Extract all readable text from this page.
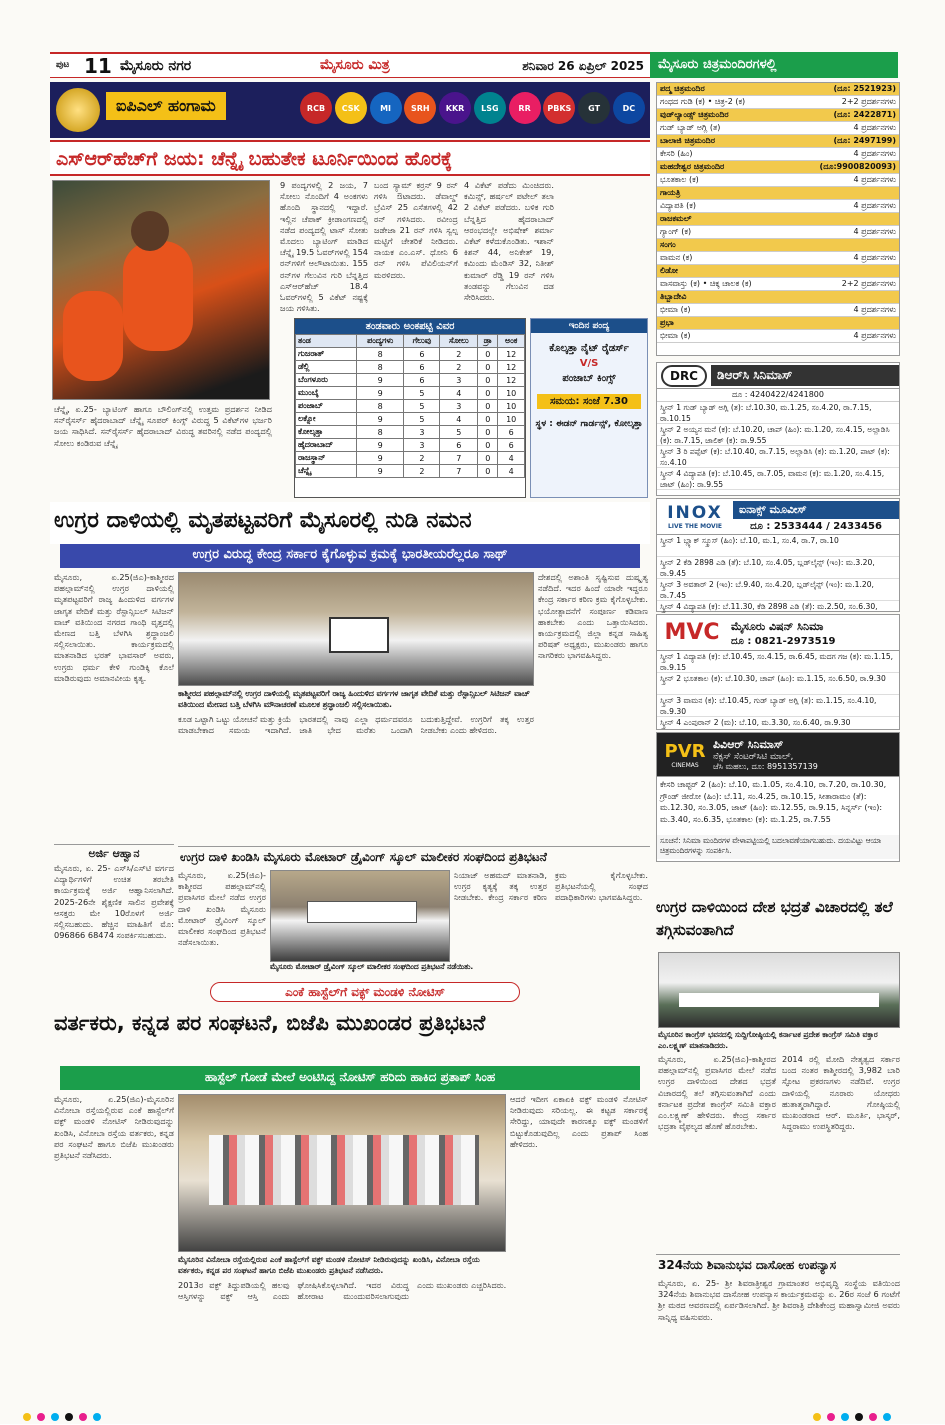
ಪುಟ 11 ಮೈಸೂರು ನಗರ	ಮೈಸೂರು ಮಿತ್ರ	ಶನಿವಾರ 26 ಏಪ್ರಿಲ್ 2025	ಮೈಸೂರು ಚಿತ್ರಮಂದಿರಗಳಲ್ಲಿ
ಐಪಿಎಲ್ ಹಂಗಾಮ	RCB	CSK	MI	SRH	KKR	LSG	RR	PBKS	GT	DC
ಎಸ್‌ಆರ್‌ಹೆಚ್‌ಗೆ ಜಯ: ಚೆನ್ನೈ ಬಹುತೇಕ ಟೂರ್ನಿಯಿಂದ ಹೊರಕ್ಕೆ
ಚೆನ್ನೈ, ಏ.25- ಬ್ಯಾಟಿಂಗ್ ಹಾಗೂ ಬೌಲಿಂಗ್‌ನಲ್ಲಿ ಉತ್ತಮ ಪ್ರದರ್ಶನ ನೀಡಿದ ಸನ್‌ರೈಸರ್ಸ್ ಹೈದರಾಬಾದ್ ಚೆನ್ನೈ ಸೂಪರ್ ಕಿಂಗ್ಸ್ ವಿರುದ್ಧ 5 ವಿಕೆಟ್‌ಗಳ ಭರ್ಜರಿ ಜಯ ಸಾಧಿಸಿದೆ. ಸನ್‌ರೈಸರ್ಸ್ ಹೈದರಾಬಾದ್ ವಿರುದ್ಧ ತವರಿನಲ್ಲಿ ನಡೆದ ಪಂದ್ಯದಲ್ಲಿ ಸೋಲು ಕಂಡಿರುವ ಚೆನ್ನೈ
9 ಪಂದ್ಯಗಳಲ್ಲಿ 2 ಜಯ, 7 ಸೋಲು ನೊಂದಿಗೆ 4 ಅಂಕಗಳು ಹೊಂದಿ ಸ್ಥಾನದಲ್ಲಿ ಇದ್ದಾರೆ. ಇಲ್ಲಿನ ಚೆಪಾಕ್ ಕ್ರೀಡಾಂಗಣದಲ್ಲಿ ನಡೆದ ಪಂದ್ಯದಲ್ಲಿ ಟಾಸ್ ಸೋತು ಮೊದಲು ಬ್ಯಾಟಿಂಗ್ ಮಾಡಿದ ಚೆನ್ನೈ 19.5 ಓವರ್‌ಗಳಲ್ಲಿ 154 ರನ್‌ಗಳಿಗೆ ಆಲೌಟಾಯಿತು. 155 ರನ್‌ಗಳ ಗೆಲುವಿನ ಗುರಿ ಬೆನ್ನತ್ತಿದ ಎಸ್‌ಆರ್‌ಹೆಚ್ 18.4 ಓವರ್‌ಗಳಲ್ಲಿ 5 ವಿಕೆಟ್ ನಷ್ಟಕ್ಕೆ ಜಯ ಗಳಿಸಿತು.
ಬಂದ ಸ್ಯಾಮ್ ಕರ್ರನ್ 9 ರನ್ ಗಳಿಸಿ ಔಟಾದರು. ಡೆವಾಲ್ಡ್ ಬ್ರೆವಿಸ್ 25 ಎಸೆತಗಳಲ್ಲಿ 42 ರನ್ ಗಳಿಸಿದರು. ರವೀಂದ್ರ ಜಡೇಜಾ 21 ರನ್ ಗಳಿಸಿ ಸ್ವಲ್ಪ ಮಟ್ಟಿಗೆ ಚೇತರಿಕೆ ನೀಡಿದರು. ನಾಯಕ ಎಂ.ಎಸ್. ಧೋನಿ 6 ರನ್ ಗಳಿಸಿ ಪೆವಿಲಿಯನ್‌ಗೆ ಮರಳಿದರು.
4 ವಿಕೆಟ್ ಪಡೆದು ಮಿಂಚಿದರು. ಕಮಿನ್ಸ್, ಹರ್ಷಲ್ ಪಟೇಲ್ ತಲಾ 2 ವಿಕೆಟ್ ಪಡೆದರು. ಬಳಿಕ ಗುರಿ ಬೆನ್ನತ್ತಿದ ಹೈದರಾಬಾದ್ ಆರಂಭದಲ್ಲೇ ಅಭಿಷೇಕ್ ಶರ್ಮಾ ವಿಕೆಟ್ ಕಳೆದುಕೊಂಡಿತು. ಇಶಾನ್ ಕಿಶನ್ 44, ಅನಿಕೇತ್ 19, ಕಮಿಂದು ಮೆಂಡಿಸ್ 32, ನಿತೀಶ್ ಕುಮಾರ್ ರೆಡ್ಡಿ 19 ರನ್ ಗಳಿಸಿ ತಂಡವನ್ನು ಗೆಲುವಿನ ದಡ ಸೇರಿಸಿದರು.
ತಂಡವಾರು ಅಂಕಪಟ್ಟಿ ವಿವರ
ತಂಡ	ಪಂದ್ಯಗಳು	ಗೆಲುವು	ಸೋಲು	ಡ್ರಾ	ಅಂಕ
ಗುಜರಾತ್	8	6	2	0	12
ಡೆಲ್ಲಿ	8	6	2	0	12
ಬೆಂಗಳೂರು	9	6	3	0	12
ಮುಂಬೈ	9	5	4	0	10
ಪಂಜಾಬ್	8	5	3	0	10
ಲಕ್ನೋ	9	5	4	0	10
ಕೋಲ್ಕತ್ತಾ	8	3	5	0	6
ಹೈದರಾಬಾದ್	9	3	6	0	6
ರಾಜಸ್ಥಾನ್	9	2	7	0	4
ಚೆನ್ನೈ	9	2	7	0	4
ಇಂದಿನ ಪಂದ್ಯ
ಕೊಲ್ಕತ್ತಾ ನೈಟ್ ರೈಡರ್ಸ್
V/S
ಪಂಜಾಬ್ ಕಿಂಗ್ಸ್
ಸಮಯ: ಸಂಜೆ 7.30
ಸ್ಥಳ : ಈಡನ್ ಗಾರ್ಡನ್ಸ್, ಕೋಲ್ಕತ್ತಾ
ಉಗ್ರರ ದಾಳಿಯಲ್ಲಿ ಮೃತಪಟ್ಟವರಿಗೆ ಮೈಸೂರಲ್ಲಿ ನುಡಿ ನಮನ
ಉಗ್ರರ ವಿರುದ್ಧ ಕೇಂದ್ರ ಸರ್ಕಾರ ಕೈಗೊಳ್ಳುವ ಕ್ರಮಕ್ಕೆ ಭಾರತೀಯರೆಲ್ಲರೂ ಸಾಥ್
ಮೈಸೂರು, ಏ.25(ಜಿಎ)-ಕಾಶ್ಮೀರದ ಪಹಲ್ಗಾಮ್‌ನಲ್ಲಿ ಉಗ್ರರ ದಾಳಿಯಲ್ಲಿ ಮೃತಪಟ್ಟವರಿಗೆ ರಾಜ್ಯ ಹಿಂದುಳಿದ ವರ್ಗಗಳ ಜಾಗೃತ ವೇದಿಕೆ ಮತ್ತು ರೆಸ್ಪಾನ್ಸಿಬಲ್ ಸಿಟಿಜನ್ ವಾಚ್ ವತಿಯಿಂದ ನಗರದ ಗಾಂಧಿ ವೃತ್ತದಲ್ಲಿ ಮೇಣದ ಬತ್ತಿ ಬೆಳಗಿಸಿ ಶ್ರದ್ಧಾಂಜಲಿ ಸಲ್ಲಿಸಲಾಯಿತು. ಕಾರ್ಯಕ್ರಮದಲ್ಲಿ ಮಾತನಾಡಿದ ಭರತ್ ಭಾವಸಾರ್ ಅವರು, ಉಗ್ರರು ಧರ್ಮ ಕೇಳಿ ಗುಂಡಿಕ್ಕಿ ಕೊಲೆ ಮಾಡಿರುವುದು ಅಮಾನವೀಯ ಕೃತ್ಯ.
ಕಾಶ್ಮೀರದ ಪಹಲ್ಗಾಮ್‌ನಲ್ಲಿ ಉಗ್ರರ ದಾಳಿಯಲ್ಲಿ ಮೃತಪಟ್ಟವರಿಗೆ ರಾಜ್ಯ ಹಿಂದುಳಿದ ವರ್ಗಗಳ ಜಾಗೃತ ವೇದಿಕೆ ಮತ್ತು ರೆಸ್ಪಾನ್ಸಿಬಲ್ ಸಿಟಿಜನ್ ವಾಚ್ ವತಿಯಿಂದ ಮೇಣದ ಬತ್ತಿ ಬೆಳಗಿಸಿ ಮೌನಾಚರಣೆ ಮೂಲಕ ಶ್ರದ್ಧಾಂಜಲಿ ಸಲ್ಲಿಸಲಾಯಿತು.
ದೇಶದಲ್ಲಿ ಅಶಾಂತಿ ಸೃಷ್ಟಿಸುವ ದುಷ್ಕೃತ್ಯ ನಡೆದಿದೆ. ಇದರ ಹಿಂದೆ ಯಾರೇ ಇದ್ದರೂ ಕೇಂದ್ರ ಸರ್ಕಾರ ಕಠಿಣ ಕ್ರಮ ಕೈಗೊಳ್ಳಬೇಕು. ಭಯೋತ್ಪಾದನೆಗೆ ಸಂಪೂರ್ಣ ಕಡಿವಾಣ ಹಾಕಬೇಕು ಎಂದು ಒತ್ತಾಯಿಸಿದರು. ಕಾರ್ಯಕ್ರಮದಲ್ಲಿ ಜಿಲ್ಲಾ ಕನ್ನಡ ಸಾಹಿತ್ಯ ಪರಿಷತ್ ಅಧ್ಯಕ್ಷರು, ಮುಖಂಡರು ಹಾಗೂ ನಾಗರಿಕರು ಭಾಗವಹಿಸಿದ್ದರು.
ಕೂಡ ಒಟ್ಟಾಗಿ ಒಟ್ಟು ಯೋಚನೆ ಮತ್ತು ಕ್ರಿಯೆ ಮಾಡಬೇಕಾದ ಸಮಯ ಇದಾಗಿದೆ. ಭಾರತದಲ್ಲಿ ನಾವು ಎಲ್ಲಾ ಧರ್ಮದವರೂ ಜಾತಿ ಭೇದ ಮರೆತು ಒಂದಾಗಿ ಬದುಕುತ್ತಿದ್ದೇವೆ. ಉಗ್ರರಿಗೆ ತಕ್ಕ ಉತ್ತರ ನೀಡಬೇಕು ಎಂದು ಹೇಳಿದರು.
ಅರ್ಜಿ ಆಹ್ವಾನ
ಮೈಸೂರು, ಏ. 25- ಎಸ್‌ಸಿ/ಎಸ್‌ಟಿ ವರ್ಗದ ವಿದ್ಯಾರ್ಥಿಗಳಿಗೆ ಉಚಿತ ತರಬೇತಿ ಕಾರ್ಯಕ್ರಮಕ್ಕೆ ಅರ್ಜಿ ಆಹ್ವಾನಿಸಲಾಗಿದೆ. 2025-26ನೇ ಶೈಕ್ಷಣಿಕ ಸಾಲಿನ ಪ್ರವೇಶಕ್ಕೆ ಆಸಕ್ತರು ಮೇ 10ರೊಳಗೆ ಅರ್ಜಿ ಸಲ್ಲಿಸಬಹುದು. ಹೆಚ್ಚಿನ ಮಾಹಿತಿಗೆ ಮೊ: 096866 68474 ಸಂಪರ್ಕಿಸಬಹುದು.
ಉಗ್ರರ ದಾಳಿ ಖಂಡಿಸಿ ಮೈಸೂರು ಮೋಟಾರ್ ಡ್ರೈವಿಂಗ್ ಸ್ಕೂಲ್ ಮಾಲೀಕರ ಸಂಘದಿಂದ ಪ್ರತಿಭಟನೆ
ಮೈಸೂರು, ಏ.25(ಜಿಎ)-ಕಾಶ್ಮೀರದ ಪಹಲ್ಗಾಮ್‌ನಲ್ಲಿ ಪ್ರವಾಸಿಗರ ಮೇಲೆ ನಡೆದ ಉಗ್ರರ ದಾಳಿ ಖಂಡಿಸಿ ಮೈಸೂರು ಮೋಟಾರ್ ಡ್ರೈವಿಂಗ್ ಸ್ಕೂಲ್ ಮಾಲೀಕರ ಸಂಘದಿಂದ ಪ್ರತಿಭಟನೆ ನಡೆಸಲಾಯಿತು.
ಮೈಸೂರು ಮೋಟಾರ್ ಡ್ರೈವಿಂಗ್ ಸ್ಕೂಲ್ ಮಾಲೀಕರ ಸಂಘದಿಂದ ಪ್ರತಿಭಟನೆ ನಡೆಯಿತು.
ನಿಯಾಜ್ ಅಹಮದ್ ಮಾತನಾಡಿ, ಉಗ್ರರ ಕೃತ್ಯಕ್ಕೆ ತಕ್ಕ ಉತ್ತರ ನೀಡಬೇಕು. ಕೇಂದ್ರ ಸರ್ಕಾರ ಕಠಿಣ ಕ್ರಮ ಕೈಗೊಳ್ಳಬೇಕು. ಪ್ರತಿಭಟನೆಯಲ್ಲಿ ಸಂಘದ ಪದಾಧಿಕಾರಿಗಳು ಭಾಗವಹಿಸಿದ್ದರು.
ಎಂಕೆ ಹಾಸ್ಟೆಲ್‌ಗೆ ವಕ್ಫ್ ಮಂಡಳಿ ನೋಟಿಸ್
ವರ್ತಕರು, ಕನ್ನಡ ಪರ ಸಂಘಟನೆ, ಬಿಜೆಪಿ ಮುಖಂಡರ ಪ್ರತಿಭಟನೆ
ಹಾಸ್ಟೆಲ್ ಗೋಡೆ ಮೇಲೆ ಅಂಟಿಸಿದ್ದ ನೋಟಿಸ್ ಹರಿದು ಹಾಕಿದ ಪ್ರತಾಪ್ ಸಿಂಹ
ಮೈಸೂರು, ಏ.25(ಜಿಎ)-ಮೈಸೂರಿನ ವಿನೋಬಾ ರಸ್ತೆಯಲ್ಲಿರುವ ಎಂಕೆ ಹಾಸ್ಟೆಲ್‌ಗೆ ವಕ್ಫ್ ಮಂಡಳಿ ನೋಟಿಸ್ ನೀಡಿರುವುದನ್ನು ಖಂಡಿಸಿ, ವಿನೋಬಾ ರಸ್ತೆಯ ವರ್ತಕರು, ಕನ್ನಡ ಪರ ಸಂಘಟನೆ ಹಾಗೂ ಬಿಜೆಪಿ ಮುಖಂಡರು ಪ್ರತಿಭಟನೆ ನಡೆಸಿದರು.
ಮೈಸೂರಿನ ವಿನೋಬಾ ರಸ್ತೆಯಲ್ಲಿರುವ ಎಂಕೆ ಹಾಸ್ಟೆಲ್‌ಗೆ ವಕ್ಫ್ ಮಂಡಳಿ ನೋಟಿಸ್ ನೀಡಿರುವುದನ್ನು ಖಂಡಿಸಿ, ವಿನೋಬಾ ರಸ್ತೆಯ ವರ್ತಕರು, ಕನ್ನಡ ಪರ ಸಂಘಟನೆ ಹಾಗೂ ಬಿಜೆಪಿ ಮುಖಂಡರು ಪ್ರತಿಭಟನೆ ನಡೆಸಿದರು.
ಆದರೆ ಇದೀಗ ಏಕಾಏಕಿ ವಕ್ಫ್ ಮಂಡಳಿ ನೋಟಿಸ್ ನೀಡಿರುವುದು ಸರಿಯಲ್ಲ. ಈ ಕಟ್ಟಡ ಸರ್ಕಾರಕ್ಕೆ ಸೇರಿದ್ದು, ಯಾವುದೇ ಕಾರಣಕ್ಕೂ ವಕ್ಫ್ ಮಂಡಳಿಗೆ ಬಿಟ್ಟುಕೊಡುವುದಿಲ್ಲ ಎಂದು ಪ್ರತಾಪ್ ಸಿಂಹ ಹೇಳಿದರು.
2013ರ ವಕ್ಫ್ ತಿದ್ದುಪಡಿಯಲ್ಲಿ ಹಲವು ಆಸ್ತಿಗಳನ್ನು ವಕ್ಫ್ ಆಸ್ತಿ ಎಂದು ಘೋಷಿಸಿಕೊಳ್ಳಲಾಗಿದೆ. ಇದರ ವಿರುದ್ಧ ಹೋರಾಟ ಮುಂದುವರಿಸಲಾಗುವುದು ಎಂದು ಮುಖಂಡರು ಎಚ್ಚರಿಸಿದರು.
ಪದ್ಮ ಚಿತ್ರಮಂದಿರ	(ದೂ: 2521923)
ಗಂಧದ ಗುಡಿ (ಕ) • ಚಿತ್ರ-2 (ಕ)	2+2 ಪ್ರದರ್ಶನಗಳು
ವುಡ್‌ಲ್ಯಾಂಡ್ಸ್ ಚಿತ್ರಮಂದಿರ	(ದೂ: 2422871)
ಗುಡ್ ಬ್ಯಾಡ್ ಅಗ್ಲಿ (ತ)	4 ಪ್ರದರ್ಶನಗಳು
ಬಾಲಾಜಿ ಚಿತ್ರಮಂದಿರ	(ದೂ: 2497199)
ಕೇಸರಿ (ಹಿಂ)	4 ಪ್ರದರ್ಶನಗಳು
ಮಹದೇಶ್ವರ ಚಿತ್ರಮಂದಿರ	(ದೂ:9900820093)
ಭೂತಕಾಲ (ಕ)	4 ಪ್ರದರ್ಶನಗಳು
ಗಾಯತ್ರಿ
ವಿದ್ಯಾಪತಿ (ಕ)	4 ಪ್ರದರ್ಶನಗಳು
ರಾಜಕಮಲ್
ಗ್ಯಾಂಗ್ (ಕ)	4 ಪ್ರದರ್ಶನಗಳು
ಸಂಗಂ
ವಾಮನ (ಕ)	4 ಪ್ರದರ್ಶನಗಳು
ಲಿಡೋ
ವಾಸವಾಸ್ತು (ಕ) • ಚಿಕ್ಕ ಚಾಲಕ (ಕ)	2+2 ಪ್ರದರ್ಶನಗಳು
ತಿಬ್ಬಾದೇವಿ
ಭೀಮಾ (ಕ)	4 ಪ್ರದರ್ಶನಗಳು
ಪ್ರಭಾ
ಭೀಮಾ (ಕ)	4 ಪ್ರದರ್ಶನಗಳು
DRC	ಡಿಆರ್‌ಸಿ ಸಿನಿಮಾಸ್
ದೂ : 4240422/4241800
ಸ್ಕ್ರೀನ್ 1 ಗುಡ್ ಬ್ಯಾಡ್ ಅಗ್ಲಿ (ತ): ಬೆ.10.30, ಮ.1.25, ಸಂ.4.20, ರಾ.7.15, ರಾ.10.15
ಸ್ಕ್ರೀನ್ 2 ಅಯ್ಯನ ಮನೆ (ಕ): ಬೆ.10.20, ಚಾಪ್ (ಹಿಂ): ಮ.1.20, ಸಂ.4.15, ಅಲ್ಲಾಡಿಸಿ (ಕ): ರಾ.7.15, ಜಾಲಿಕ್ (ಕ): ರಾ.9.55
ಸ್ಕ್ರೀನ್ 3 ರಿ ಪಪ್ಪೆಟ್ (ಕ): ಬೆ.10.40, ರಾ.7.15, ಅಲ್ಲಾಡಿಸಿ (ಕ): ಮ.1.20, ಪಾಟ್ (ಕ): ಸಂ.4.10
ಸ್ಕ್ರೀನ್ 4 ವಿದ್ಯಾಪತಿ (ಕ): ಬೆ.10.45, ರಾ.7.05, ವಾಮನ (ಕ): ಮ.1.20, ಸಂ.4.15, ಜಾಟ್ (ಹಿಂ): ರಾ.9.55
INOX
LIVE THE MOVIE
ಐನಾಕ್ಸ್ ಮೂವೀಸ್
ದೂ : 2533444 / 2433456
ಸ್ಕ್ರೀನ್ 1 ಬ್ಲ್ಯಾಕ್ ಸ್ಕ್ರೂಸ್ (ಹಿಂ): ಬೆ.10, ಮ.1, ಸಂ.4, ರಾ.7, ರಾ.10
ಸ್ಕ್ರೀನ್ 2 ಕೆಡಿ 2898 ಎಡಿ (ತೆ): ಬೆ.10, ಸಂ.4.05, ಬ್ಲಡ್‌ಲೈನ್ಸ್ (ಇಂ): ಮ.3.20, ರಾ.9.45
ಸ್ಕ್ರೀನ್ 3 ಅವತಾರ್ 2 (ಇಂ): ಬೆ.9.40, ಸಂ.4.20, ಬ್ಲಡ್‌ಲೈನ್ಸ್ (ಇಂ): ಮ.1.20, ರಾ.7.45
ಸ್ಕ್ರೀನ್ 4 ವಿದ್ಯಾಪತಿ (ಕ): ಬೆ.11.30, ಕೆಡಿ 2898 ಎಡಿ (ತೆ): ಮ.2.50, ಸಂ.6.30,
MVC	ಮೈಸೂರು ವಿಷನ್ ಸಿನಿಮಾ
ದೂ : 0821-2973519
ಸ್ಕ್ರೀನ್ 1 ವಿದ್ಯಾಪತಿ (ಕ): ಬೆ.10.45, ಸಂ.4.15, ರಾ.6.45, ಮದಗ ಗಜ (ಕ): ಮ.1.15, ರಾ.9.15
ಸ್ಕ್ರೀನ್ 2 ಭೂತಕಾಲ (ಕ): ಬೆ.10.30, ಚಾಪ್ (ಹಿಂ): ಮ.1.15, ಸಂ.6.50, ರಾ.9.30
ಸ್ಕ್ರೀನ್ 3 ವಾಮನ (ಕ): ಬೆ.10.45, ಗುಡ್ ಬ್ಯಾಡ್ ಅಗ್ಲಿ (ತ): ಮ.1.15, ಸಂ.4.10, ರಾ.9.30
ಸ್ಕ್ರೀನ್ 4 ಎಂಪುರಾನ್ 2 (ಮ): ಬೆ.10, ಮ.3.30, ಸಂ.6.40, ರಾ.9.30
PVR
CINEMAS
ಪಿವಿಆರ್ ಸಿನಿಮಾಸ್
ನೆಕ್ಸಸ್ ಸೆಂಟರ್‌ಸಿಟಿ ಮಾಲ್,
ಜೆಸಿ ಮಹಲು, ದೂ: 8951357139
ಕೇಸರಿ ಚಾಪ್ಟರ್ 2 (ಹಿಂ): ಬೆ.10, ಮ.1.05, ಸಂ.4.10, ರಾ.7.20, ರಾ.10.30, ಗ್ರೌಂಡ್ ಜೀರೋ (ಹಿಂ): ಬೆ.11, ಸಂ.4.25, ರಾ.10.15, ಸೀತಾರಾಮಂ (ತೆ): ಮ.12.30, ಸಂ.3.05, ಜಾಟ್ (ಹಿಂ): ಮ.12.55, ರಾ.9.15, ಸಿನ್ನರ್ಸ್ (ಇಂ): ಮ.3.40, ಸಂ.6.35, ಭೂತಕಾಲ (ಕ): ಮ.1.25, ರಾ.7.55
ಸೂಚನೆ: ಸಿನಿಮಾ ಮಂದಿರಗಳ ವೇಳಾಪಟ್ಟಿಯಲ್ಲಿ ಬದಲಾವಣೆಯಾಗಬಹುದು. ದಯವಿಟ್ಟು ಆಯಾ ಚಿತ್ರಮಂದಿರಗಳನ್ನು ಸಂಪರ್ಕಿಸಿ.
ಉಗ್ರರ ದಾಳಿಯಿಂದ ದೇಶ ಭದ್ರತೆ ವಿಚಾರದಲ್ಲಿ ತಲೆ ತಗ್ಗಿಸುವಂತಾಗಿದೆ
ಮೈಸೂರಿನ ಕಾಂಗ್ರೆಸ್ ಭವನದಲ್ಲಿ ಸುದ್ದಿಗೋಷ್ಠಿಯಲ್ಲಿ ಕರ್ನಾಟಕ ಪ್ರದೇಶ ಕಾಂಗ್ರೆಸ್ ಸಮಿತಿ ವಕ್ತಾರ ಎಂ.ಲಕ್ಷ್ಮಣ್ ಮಾತನಾಡಿದರು.
ಮೈಸೂರು, ಏ.25(ಜಿಎ)-ಕಾಶ್ಮೀರದ ಪಹಲ್ಗಾಮ್‌ನಲ್ಲಿ ಪ್ರವಾಸಿಗರ ಮೇಲೆ ನಡೆದ ಉಗ್ರರ ದಾಳಿಯಿಂದ ದೇಶದ ಭದ್ರತೆ ವಿಚಾರದಲ್ಲಿ ತಲೆ ತಗ್ಗಿಸುವಂತಾಗಿದೆ ಎಂದು ಕರ್ನಾಟಕ ಪ್ರದೇಶ ಕಾಂಗ್ರೆಸ್ ಸಮಿತಿ ವಕ್ತಾರ ಎಂ.ಲಕ್ಷ್ಮಣ್ ಹೇಳಿದರು. ಕೇಂದ್ರ ಸರ್ಕಾರ ಭದ್ರತಾ ವೈಫಲ್ಯದ ಹೊಣೆ ಹೊರಬೇಕು.
2014 ರಲ್ಲಿ ಮೋದಿ ನೇತೃತ್ವದ ಸರ್ಕಾರ ಬಂದ ನಂತರ ಕಾಶ್ಮೀರದಲ್ಲಿ 3,982 ಬಾರಿ ಸ್ಫೋಟ ಪ್ರಕರಣಗಳು ನಡೆದಿವೆ. ಉಗ್ರರ ದಾಳಿಯಲ್ಲಿ ನೂರಾರು ಯೋಧರು ಹುತಾತ್ಮರಾಗಿದ್ದಾರೆ. ಗೋಷ್ಠಿಯಲ್ಲಿ ಮುಖಂಡರಾದ ಆರ್. ಮೂರ್ತಿ, ಭಾಸ್ಕರ್, ಸಿದ್ದರಾಮು ಉಪಸ್ಥಿತರಿದ್ದರು.
324ನೆಯ ಶಿವಾನುಭವ ದಾಸೋಹ ಉಪನ್ಯಾಸ
ಮೈಸೂರು, ಏ. 25- ಶ್ರೀ ಶಿವರಾತ್ರೀಶ್ವರ ಗ್ರಾಮಾಂತರ ಅಭಿವೃದ್ಧಿ ಸಂಸ್ಥೆಯ ವತಿಯಿಂದ 324ನೆಯ ಶಿವಾನುಭವ ದಾಸೋಹ ಉಪನ್ಯಾಸ ಕಾರ್ಯಕ್ರಮವನ್ನು ಏ. 26ರ ಸಂಜೆ 6 ಗಂಟೆಗೆ ಶ್ರೀ ಮಠದ ಆವರಣದಲ್ಲಿ ಏರ್ಪಡಿಸಲಾಗಿದೆ. ಶ್ರೀ ಶಿವರಾತ್ರಿ ದೇಶಿಕೇಂದ್ರ ಮಹಾಸ್ವಾಮೀಜಿ ಅವರು ಸಾನ್ನಿಧ್ಯ ವಹಿಸುವರು.
